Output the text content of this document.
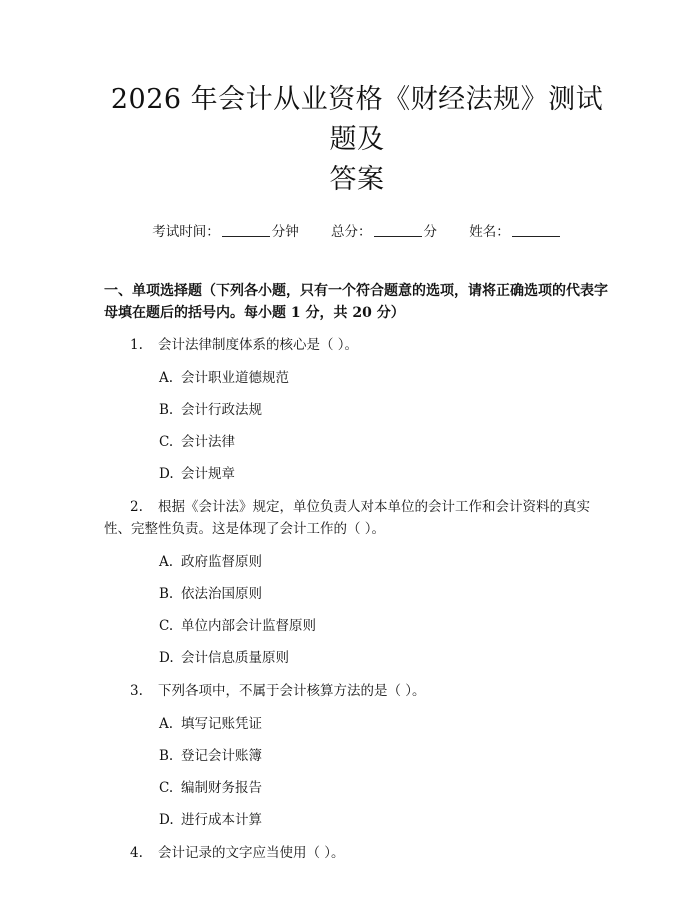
2026 年会计从业资格《财经法规》测试题及
答案
考试时间：	分钟 总分：	分 姓名：
一、单项选择题（下列各小题，只有一个符合题意的选项，请将正确选项的代表字母填在题后的括号内。每小题 1 分，共 20 分）
1. 会计法律制度体系的核心是（ ）。
A. 会计职业道德规范
B. 会计行政法规
C. 会计法律
D. 会计规章
2. 根据《会计法》规定，单位负责人对本单位的会计工作和会计资料的真实性、完整性负责。这是体现了会计工作的（ ）。
A. 政府监督原则
B. 依法治国原则
C. 单位内部会计监督原则
D. 会计信息质量原则
3. 下列各项中，不属于会计核算方法的是（ ）。
A. 填写记账凭证
B. 登记会计账簿
C. 编制财务报告
D. 进行成本计算
4. 会计记录的文字应当使用（ ）。
